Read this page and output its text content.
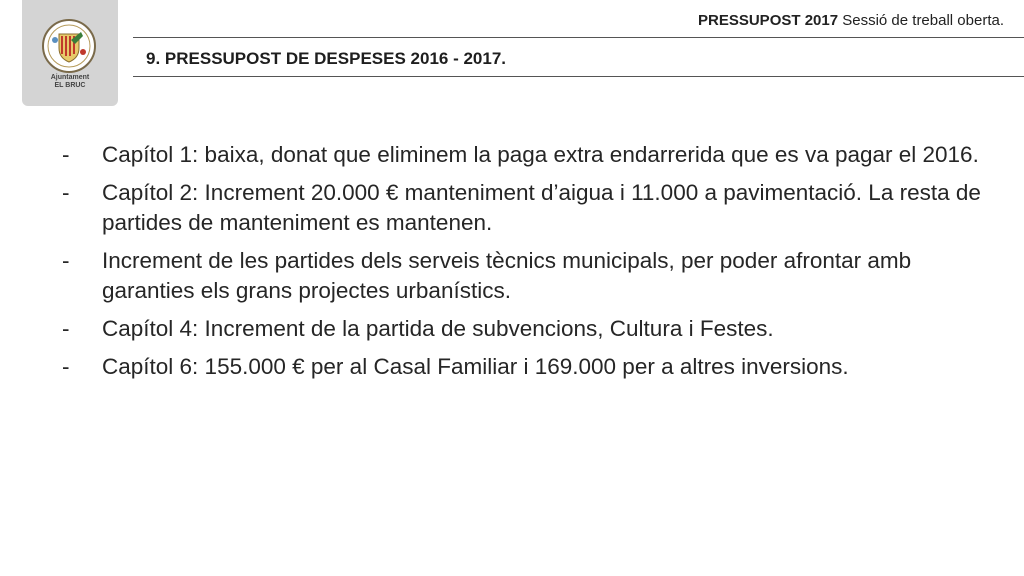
Ajuntament
EL BRUC
PRESSUPOST 2017 Sessió de treball oberta.
9. PRESSUPOST DE DESPESES 2016 - 2017.
-	Capítol 1: baixa, donat que eliminem la paga extra endarrerida que es va pagar el 2016.
-	Capítol 2: Increment 20.000 € manteniment d’aigua i 11.000 a pavimentació. La resta de partides de manteniment es mantenen.
-	Increment de les partides dels serveis tècnics municipals, per poder afrontar amb garanties els grans projectes urbanístics.
-	Capítol 4: Increment de la partida de subvencions, Cultura i Festes.
-	Capítol 6: 155.000 € per al Casal Familiar i 169.000 per a altres inversions.
